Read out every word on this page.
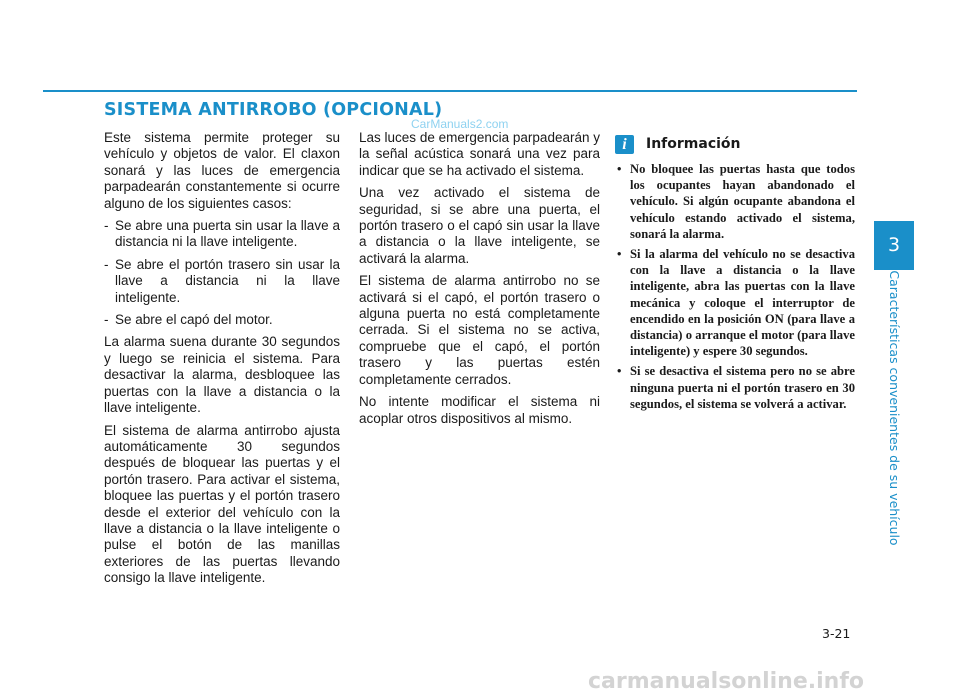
SISTEMA ANTIRROBO (OPCIONAL)
CarManuals2.com

Este sistema permite proteger su vehículo y objetos de valor. El claxon sonará y las luces de emergencia parpadearán constantemente si ocurre alguno de los siguientes casos:

- Se abre una puerta sin usar la llave a distancia ni la llave inteligente.
- Se abre el portón trasero sin usar la llave a distancia ni la llave inteligente.
- Se abre el capó del motor.

La alarma suena durante 30 segundos y luego se reinicia el sistema. Para desactivar la alarma, desbloquee las puertas con la llave a distancia o la llave inteligente.

El sistema de alarma antirrobo ajusta automáticamente 30 segundos después de bloquear las puertas y el portón trasero. Para activar el sistema, bloquee las puertas y el portón trasero desde el exterior del vehículo con la llave a distancia o la llave inteligente o pulse el botón de las manillas exteriores de las puertas llevando consigo la llave inteligente.

Las luces de emergencia parpadearán y la señal acústica sonará una vez para indicar que se ha activado el sistema.

Una vez activado el sistema de seguridad, si se abre una puerta, el portón trasero o el capó sin usar la llave a distancia o la llave inteligente, se activará la alarma.

El sistema de alarma antirrobo no se activará si el capó, el portón trasero o alguna puerta no está completamente cerrada. Si el sistema no se activa, compruebe que el capó, el portón trasero y las puertas estén completamente cerrados.

No intente modificar el sistema ni acoplar otros dispositivos al mismo.

i	Información
• No bloquee las puertas hasta que todos los ocupantes hayan abandonado el vehículo. Si algún ocupante abandona el vehículo estando activado el sistema, sonará la alarma.
• Si la alarma del vehículo no se desactiva con la llave a distancia o la llave inteligente, abra las puertas con la llave mecánica y coloque el interruptor de encendido en la posición ON (para llave a distancia) o arranque el motor (para llave inteligente) y espere 30 segundos.
• Si se desactiva el sistema pero no se abre ninguna puerta ni el portón trasero en 30 segundos, el sistema se volverá a activar.
3
Características convenientes de su vehículo
3-21
carmanualsonline.info
